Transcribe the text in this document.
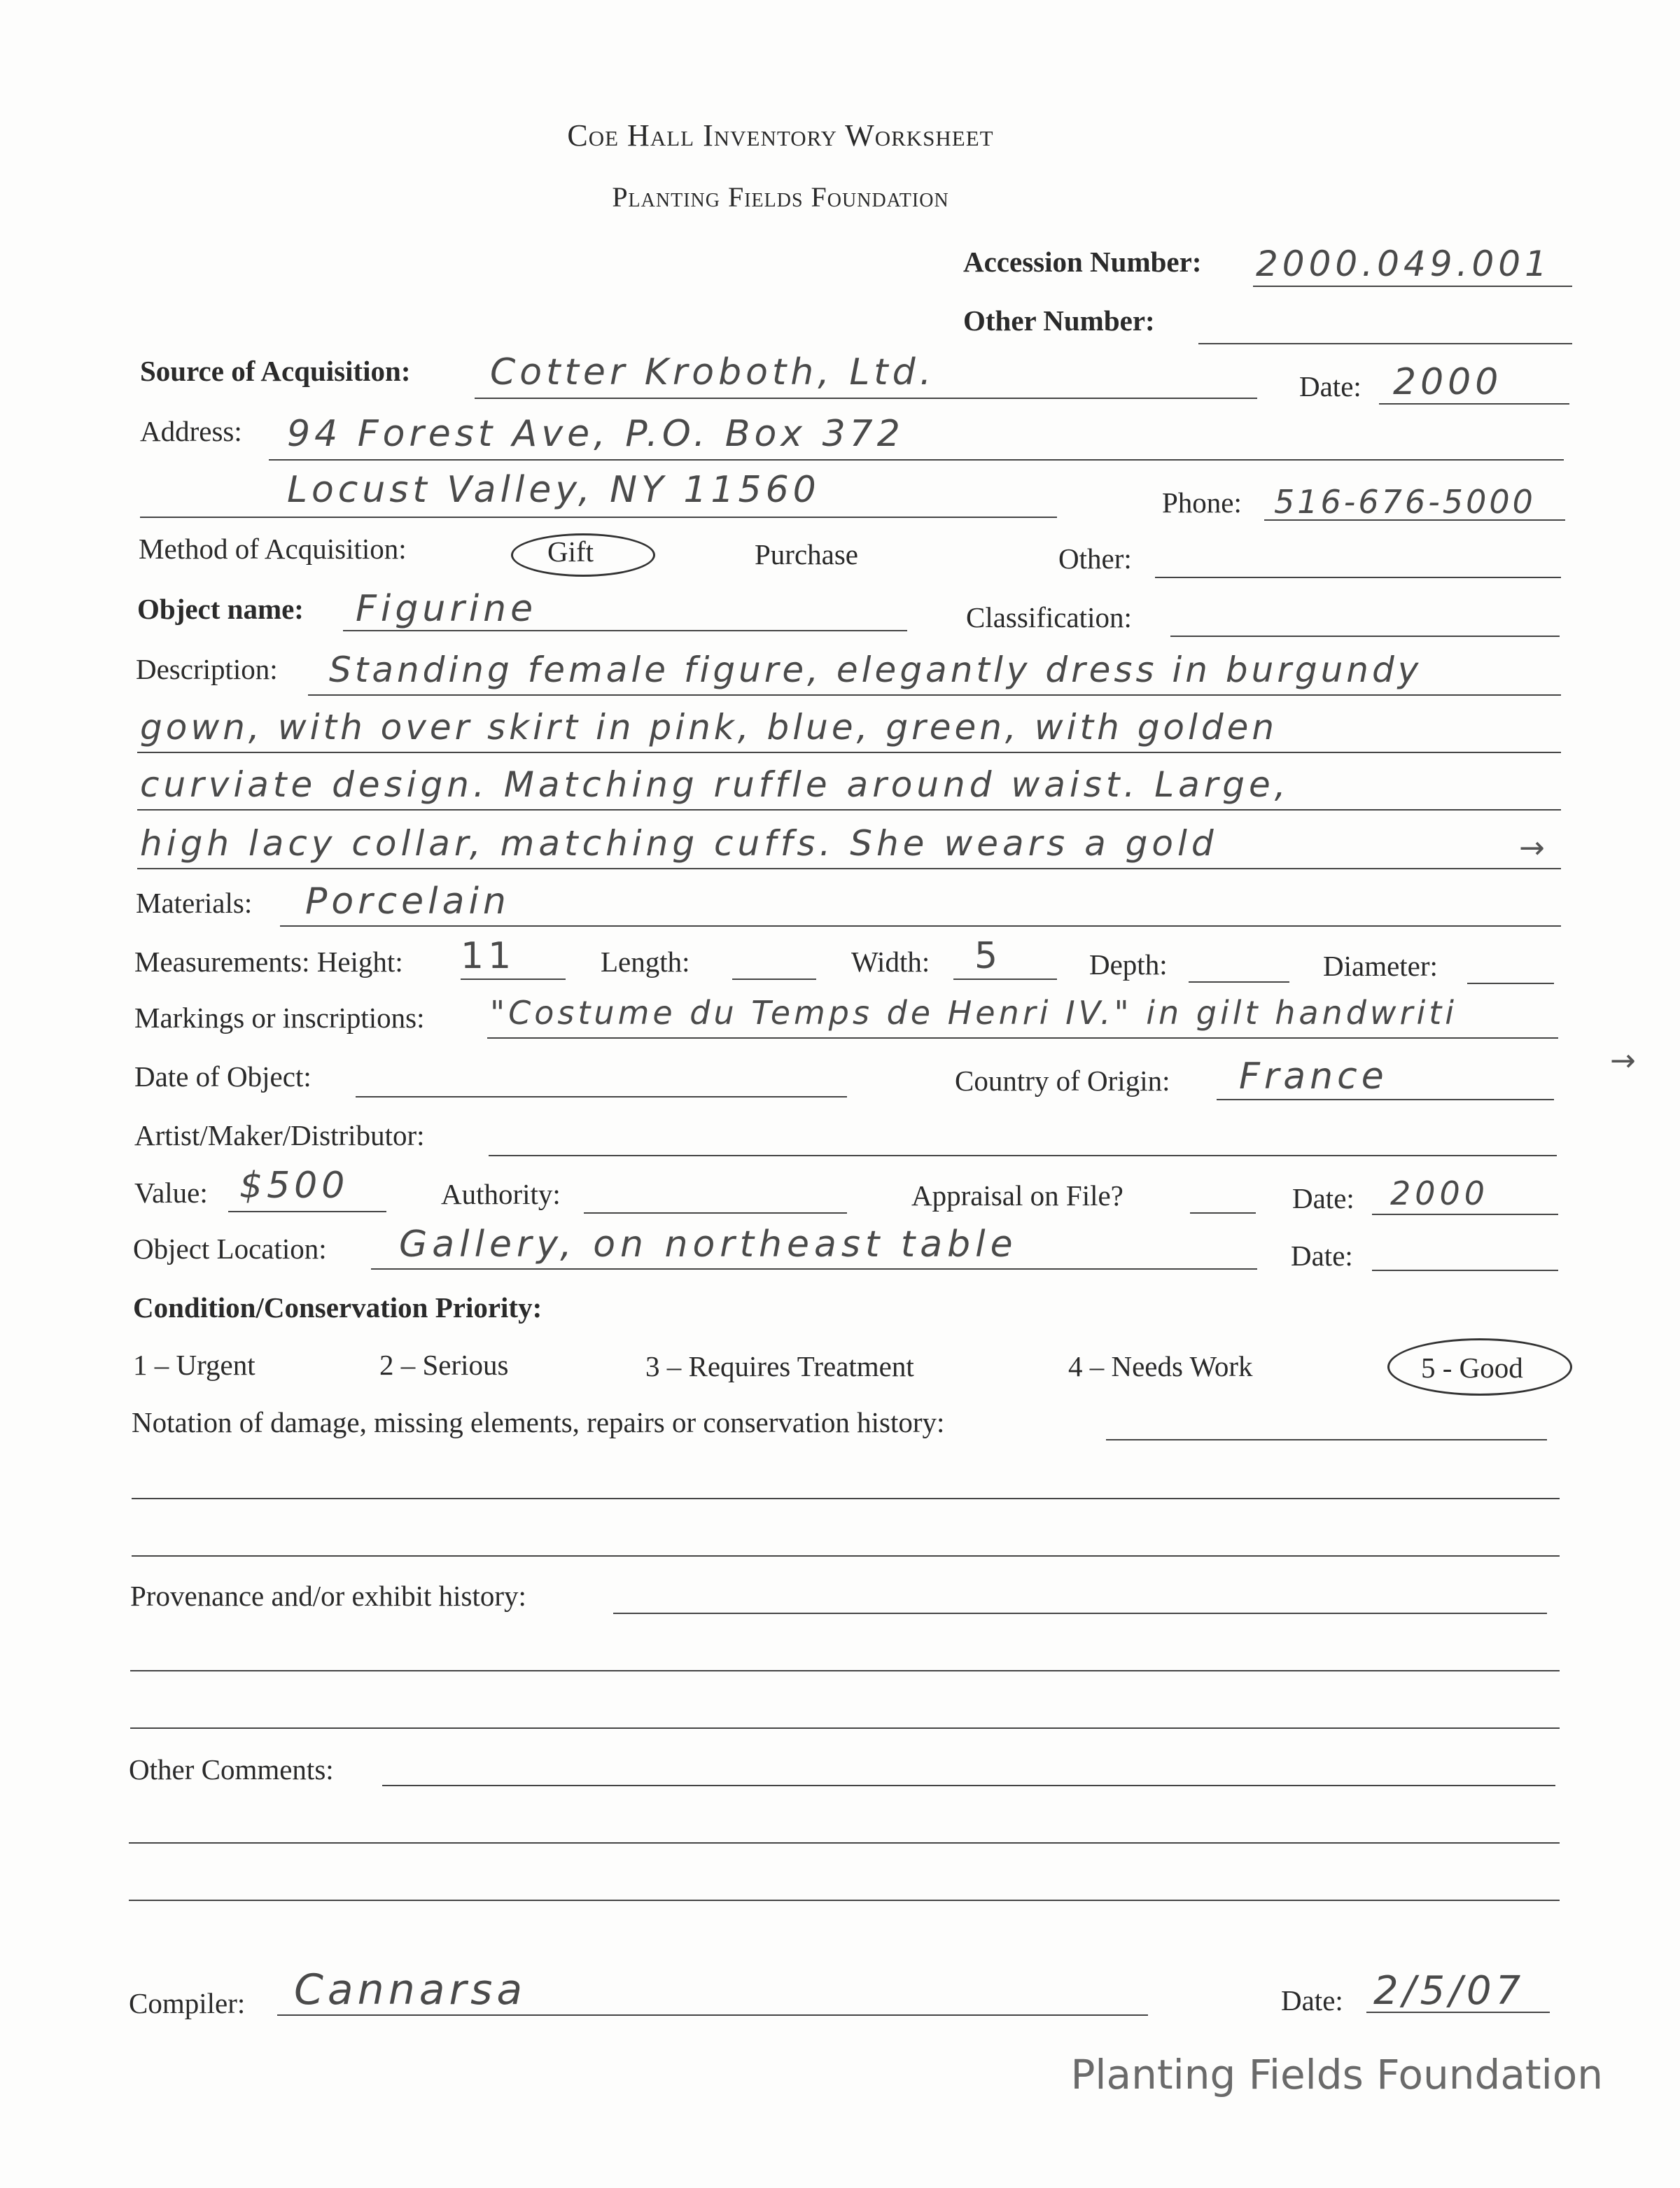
Coe Hall Inventory Worksheet
Planting Fields Foundation
Accession Number: 2000.049.001
Other Number:
Source of Acquisition: Cotter Kroboth, Ltd.	Date: 2000
Address: 94 Forest Ave, P.O. Box 372
Locust Valley, NY 11560	Phone: 516-676-5000
Method of Acquisition:	Gift	Purchase	Other:
Object name: Figurine	Classification:
Description: Standing female figure, elegantly dress in burgundy
gown, with over skirt in pink, blue, green, with golden
curviate design. Matching ruffle around waist. Large,
high lacy collar, matching cuffs. She wears a gold	→
Materials: Porcelain
Measurements: Height: 11	Length:	Width: 5	Depth:	Diameter:
Markings or inscriptions: "Costume du Temps de Henri IV." in gilt handwriti
→
Date of Object:	Country of Origin: France
Artist/Maker/Distributor:
Value: $500	Authority:	Appraisal on File?	Date: 2000
Object Location: Gallery, on northeast table	Date:
Condition/Conservation Priority:
1 – Urgent	2 – Serious	3 – Requires Treatment	4 – Needs Work	5 - Good
Notation of damage, missing elements, repairs or conservation history:
Provenance and/or exhibit history:
Other Comments:
Compiler: Cannarsa	Date: 2/5/07
Planting Fields Foundation
